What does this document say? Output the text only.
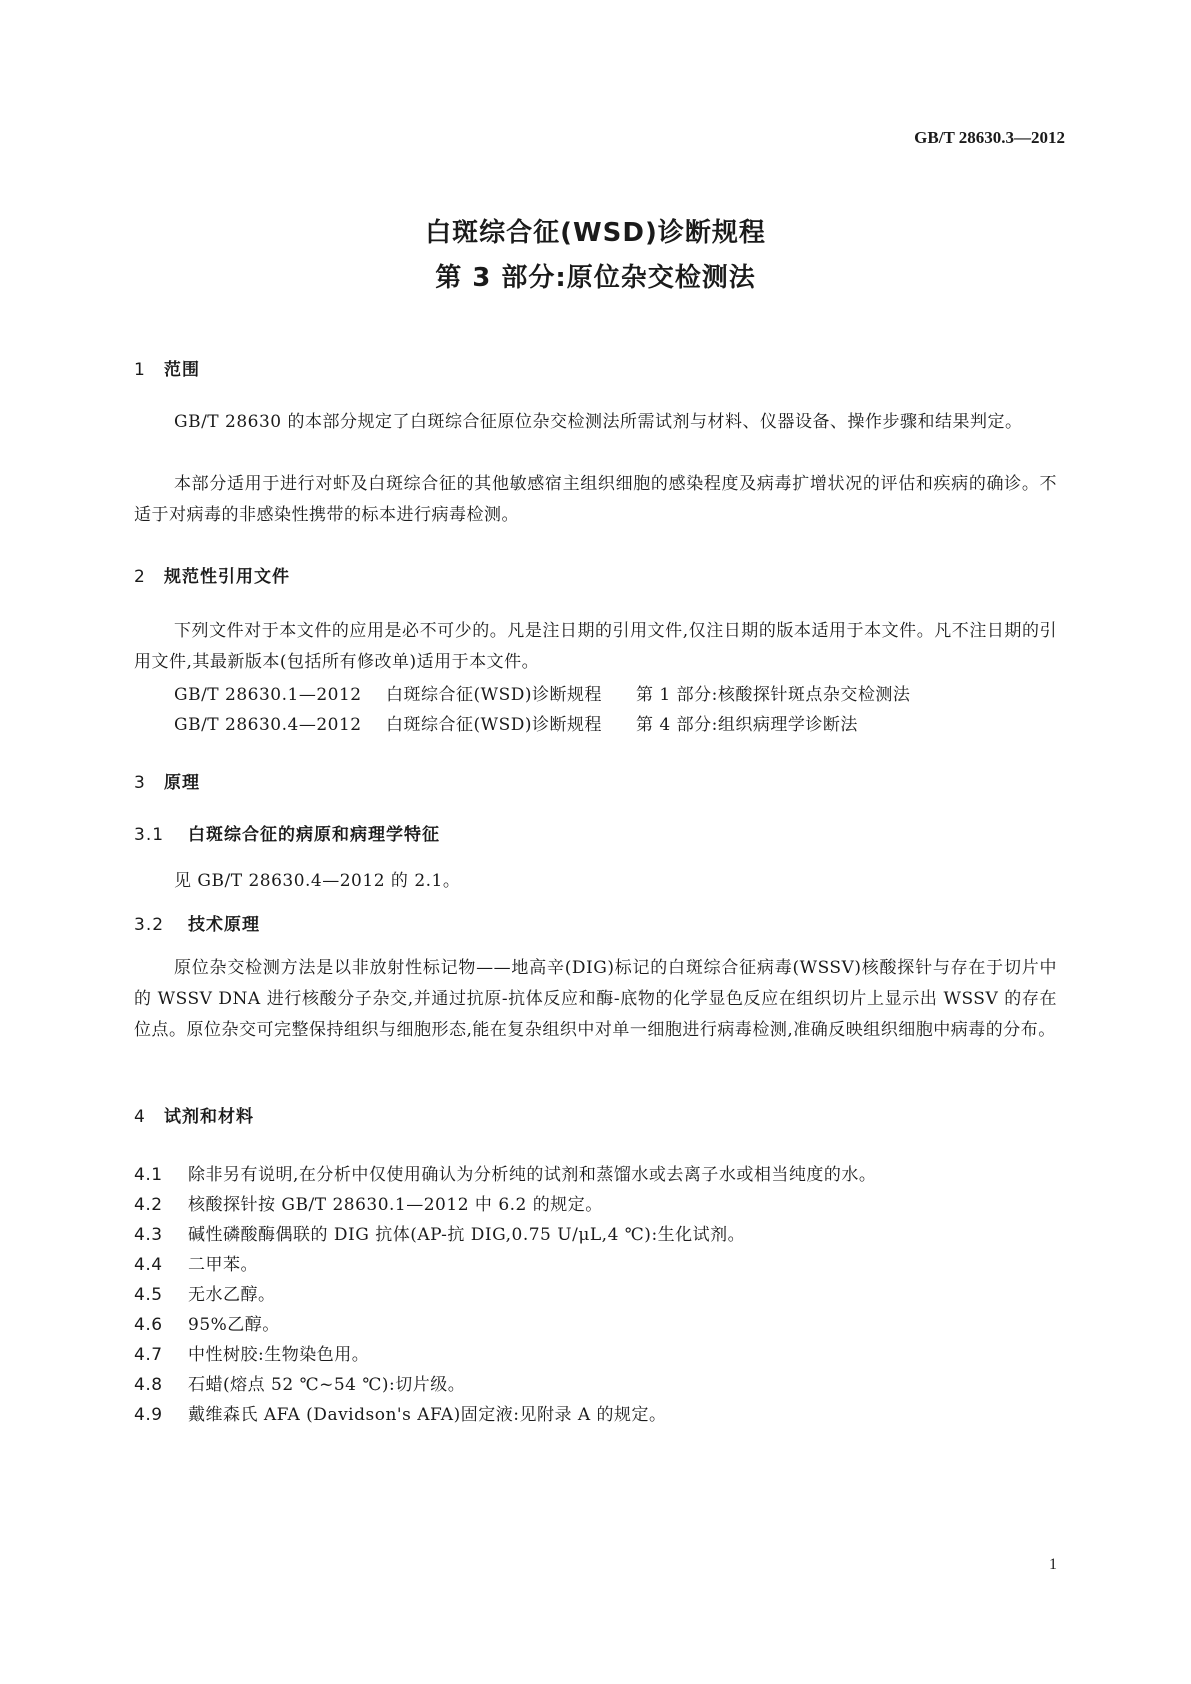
GB/T 28630.3—2012
白斑综合征(WSD)诊断规程
第 3 部分:原位杂交检测法
1 范围

GB/T 28630 的本部分规定了白斑综合征原位杂交检测法所需试剂与材料、仪器设备、操作步骤和结果判定。

本部分适用于进行对虾及白斑综合征的其他敏感宿主组织细胞的感染程度及病毒扩增状况的评估和疾病的确诊。不适于对病毒的非感染性携带的标本进行病毒检测。

2 规范性引用文件

下列文件对于本文件的应用是必不可少的。凡是注日期的引用文件,仅注日期的版本适用于本文件。凡不注日期的引用文件,其最新版本(包括所有修改单)适用于本文件。

GB/T 28630.1—2012 白斑综合征(WSD)诊断规程 第 1 部分:核酸探针斑点杂交检测法
GB/T 28630.4—2012 白斑综合征(WSD)诊断规程 第 4 部分:组织病理学诊断法
3 原理
3.1 白斑综合征的病原和病理学特征
见 GB/T 28630.4—2012 的 2.1。
3.2 技术原理

原位杂交检测方法是以非放射性标记物——地高辛(DIG)标记的白斑综合征病毒(WSSV)核酸探针与存在于切片中的 WSSV DNA 进行核酸分子杂交,并通过抗原-抗体反应和酶-底物的化学显色反应在组织切片上显示出 WSSV 的存在位点。原位杂交可完整保持组织与细胞形态,能在复杂组织中对单一细胞进行病毒检测,准确反映组织细胞中病毒的分布。

4 试剂和材料
4.1 除非另有说明,在分析中仅使用确认为分析纯的试剂和蒸馏水或去离子水或相当纯度的水。
4.2 核酸探针按 GB/T 28630.1—2012 中 6.2 的规定。
4.3 碱性磷酸酶偶联的 DIG 抗体(AP-抗 DIG,0.75 U/μL,4 ℃):生化试剂。
4.4 二甲苯。
4.5 无水乙醇。
4.6 95%乙醇。
4.7 中性树胶:生物染色用。
4.8 石蜡(熔点 52 ℃~54 ℃):切片级。
4.9 戴维森氏 AFA (Davidson's AFA)固定液:见附录 A 的规定。
1
